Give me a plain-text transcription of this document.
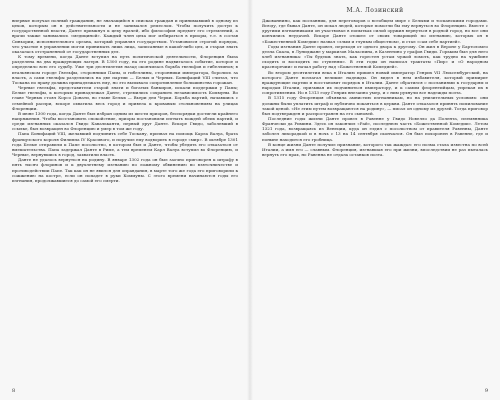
впервые получал полный гражданин, не значащийся в списках граждан и принимавший в одному из цехов, которым он в действительности и не занимался ремеслом. Чтобы получить доступ к государственной власти, Данте примкнул к цеху врачей, ибо философия предмет его стремлений, а врачи также занимались «медициной». Каждый член цеха мог избираться в приоры, т.е. в состав Синьории, исполнительного органа, который управлял государством. Установился строгий порядок, что участие в управлении могли принимать лишь лица, записанные в какой-либо цех, и старая знать оказалась отстраненной от государственных дел.

К тому времени, когда Данте вступил на путь политической деятельности, Флоренция была разделена на два враждующих лагеря. В 1300 году, на его родине надвигалось событие, которое и определило всю его судьбу. Уже три десятилетия назад окончилась борьба гвельфов и гибеллинов; в итальянском городе Гвельфы, сторонники Папы, и гибеллины, сторонники императора, боролись за власть, а сами гвельфы разделились на две партии — Белых и Черных. Бонифаций VIII считал, что Тоскана по праву должна принадлежать ему, но это вызывало сопротивление большинства горожан.

Черные гвельфы, представители старой знати и богатых банкиров, искали поддержки у Папы; Белые гвельфы, к которым принадлежал Данте, стремились сохранить независимость Коммуны. Во главе Черных стоял Корсо Донати, во главе Белых — Вьери деи Черки. Борьба партий, начавшись с семейной распри, вскоре охватила весь город и привела к кровавым столкновениям на улицах Флоренции.

В июне 1300 года, когда Данте был избран одним из шести приоров, беспорядки достигли крайнего напряжения. Чтобы восстановить спокойствие, приоры постановили изгнать вождей обеих партий, и среди изгнанных оказался Гвидо Кавальканти, первый друг Данте. Вскоре Гвидо, заболевший в ссылке, был возвращен во Флоренцию и умер в том же году.

Папа Бонифаций VIII, желавший подчинить себе Тоскану, призвал на помощь Карла Валуа, брата французского короля Филиппа IV Красивого, и поручил ему водворить в городе «мир». В октябре 1301 года Белые отправили к Папе посольство, в котором был и Данте, чтобы убедить его отказаться от вмешательства. Папа задержал Данте в Риме, а тем временем Карл Валуа вступил во Флоренцию, и Черные, вернувшись в город, захватили власть.

Данте не удалось вернуться на родину. В январе 1302 года он был заочно приговорен к штрафу в пять тысяч флоринов и к двухлетнему изгнанию по ложному обвинению во взяточничестве и противодействии Папе. Так как он не явился для оправдания, в марте того же года его приговорили к сожжению на костре, если он попадет в руки Коммуны. С этого времени начинаются годы его изгнания, продолжавшиеся до самой его смерти.

8
М.А. Лозинский

Джованнино, как посланник, для переговоров о всеобщем мире с Белыми и тосканскими городами. Всюду, где бывал Данте, он искал людей, которые помогли бы ему вернуться во Флоренцию. Вместе с другими изгнанниками он участвовал в попытках силой оружия вернуться в родной город, но все они кончились неудачей. Вскоре Данте отошел от своих товарищей по изгнанию, которых он в «Божественной Комедии» назвал «злым и глупым обществом», и стал «сам себе партией».

Годы изгнания Данте провел, переходя от одного двора к другому. Он жил в Вероне у Бартоломео делла Скала, в Луниджане у маркизов Маласпина, в Казентино у графов Гвиди. Горьким был для него хлеб изгнанника: «Ты будешь знать, как горестен устам чужой ломоть, как трудно на чужбине сходить и восходить по ступеням». В эти годы он написал трактаты «Пир» и «О народном красноречии» и начал работу над «Божественной Комедией».

Во втором десятилетии века в Италию пришел новый император Генрих VII Люксембургский, на которого Данте возлагал великие надежды. Он видел в нем избавителя, который примирит враждующие партии и восстановит порядок в Италии. Данте обратился с посланиями к государям и народам Италии, призывая их подчиниться императору, и к самим флорентийцам, упрекая их в сопротивлении. Но в 1313 году Генрих внезапно умер, и с ним рухнули все надежды поэта.

В 1315 году Флоренция объявила амнистию изгнанникам, но на унизительных условиях: они должны были уплатить штраф и публично покаяться в церкви. Данте отказался принять помилование такой ценой. «Не этим путем возвращаются на родину», — писал он одному из друзей. Тогда приговор был подтвержден и распространен на его сыновей.

Последние годы жизни Данте провел в Равенне у Гвидо Новелло да Полента, племянника Франчески да Римини. Здесь он закончил «Рай», последнюю часть «Божественной Комедии». Летом 1321 года, возвращаясь из Венеции, куда он ездил с посольством от правителя Равенны, Данте заболел лихорадкой и в ночь с 13 на 14 сентября скончался. Он был похоронен в Равенне, где и поныне находится его гробница.

В конце жизни Данте получил признание, которого так жаждал: его поэма стала известна по всей Италии, а имя его — славным. Флоренция, изгнавшая его при жизни, впоследствии не раз пыталась вернуть его прах, но Равенна не отдала останков поэта.

9
